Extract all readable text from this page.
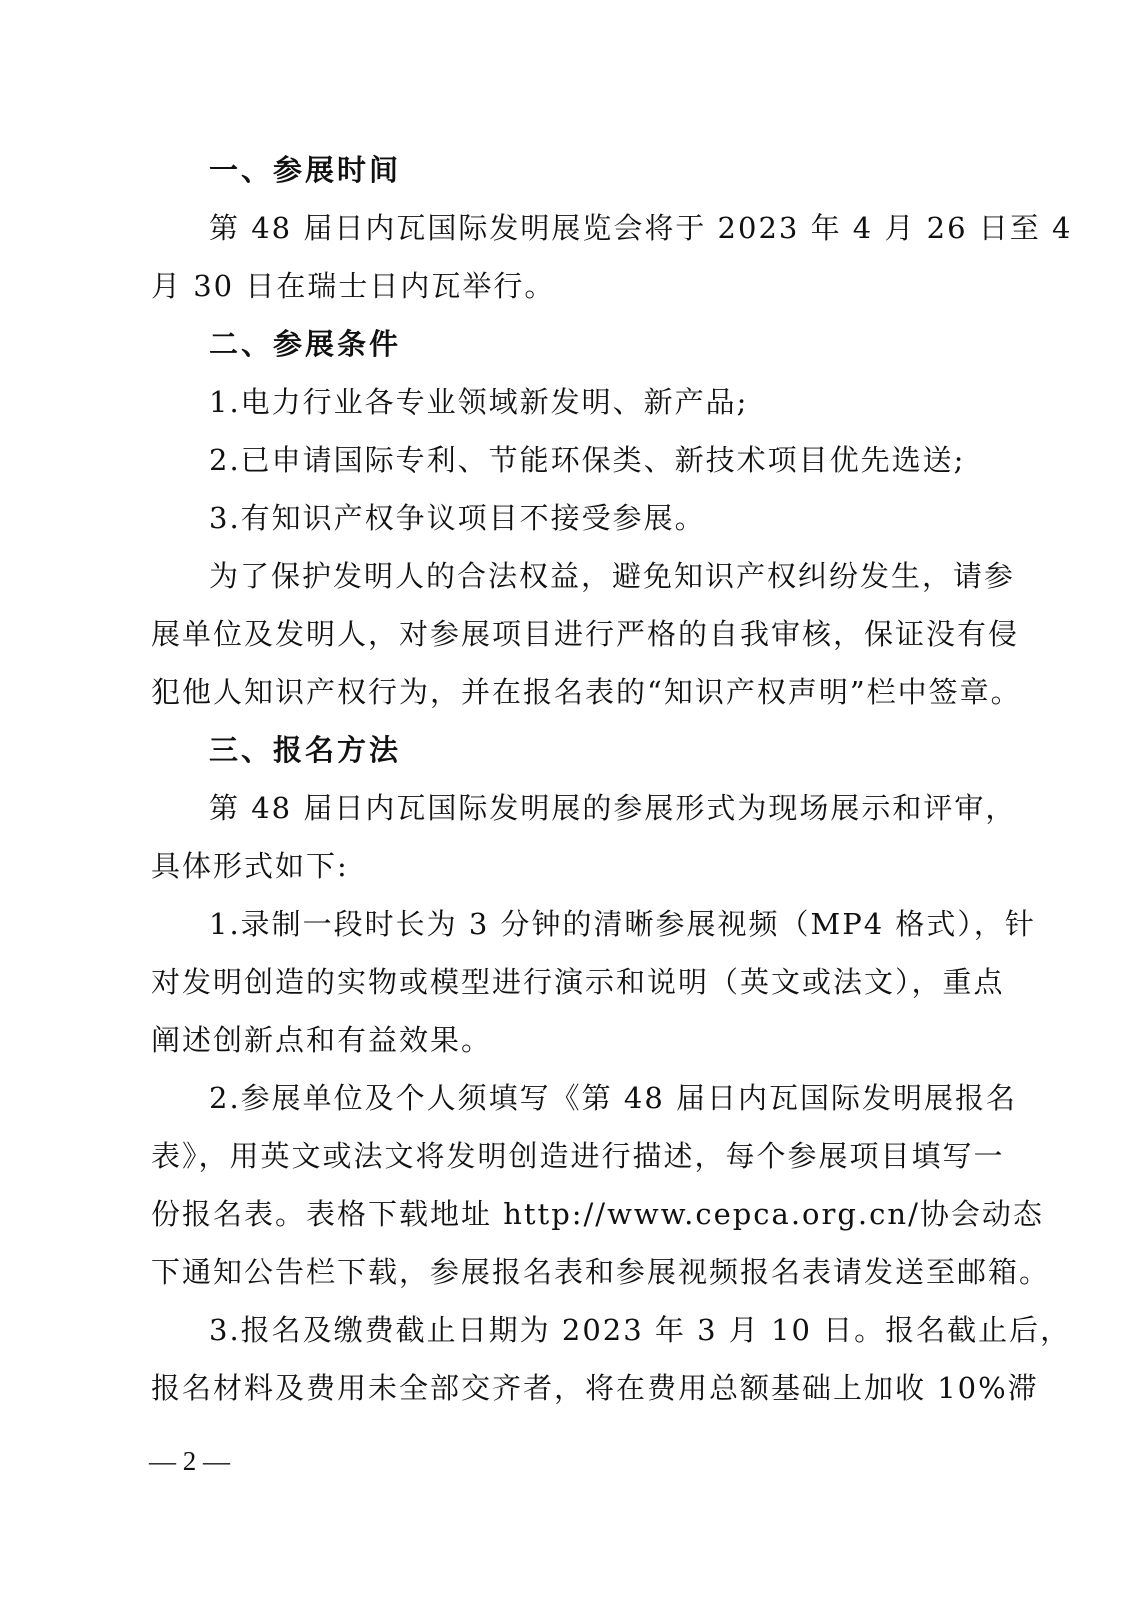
一、参展时间
第 48 届日内瓦国际发明展览会将于 2023 年 4 月 26 日至 4
月 30 日在瑞士日内瓦举行。
二、参展条件
1.电力行业各专业领域新发明、新产品;
2.已申请国际专利、节能环保类、新技术项目优先选送;
3.有知识产权争议项目不接受参展。
为了保护发明人的合法权益，避免知识产权纠纷发生，请参
展单位及发明人，对参展项目进行严格的自我审核，保证没有侵
犯他人知识产权行为，并在报名表的“知识产权声明”栏中签章。
三、报名方法
第 48 届日内瓦国际发明展的参展形式为现场展示和评审，
具体形式如下:
1.录制一段时长为 3 分钟的清晰参展视频（MP4 格式），针
对发明创造的实物或模型进行演示和说明（英文或法文），重点
阐述创新点和有益效果。
2.参展单位及个人须填写《第 48 届日内瓦国际发明展报名
表》，用英文或法文将发明创造进行描述，每个参展项目填写一
份报名表。表格下载地址 http://www.cepca.org.cn/协会动态
下通知公告栏下载，参展报名表和参展视频报名表请发送至邮箱。
3.报名及缴费截止日期为 2023 年 3 月 10 日。报名截止后，
报名材料及费用未全部交齐者，将在费用总额基础上加收 10%滞
— 2 —
